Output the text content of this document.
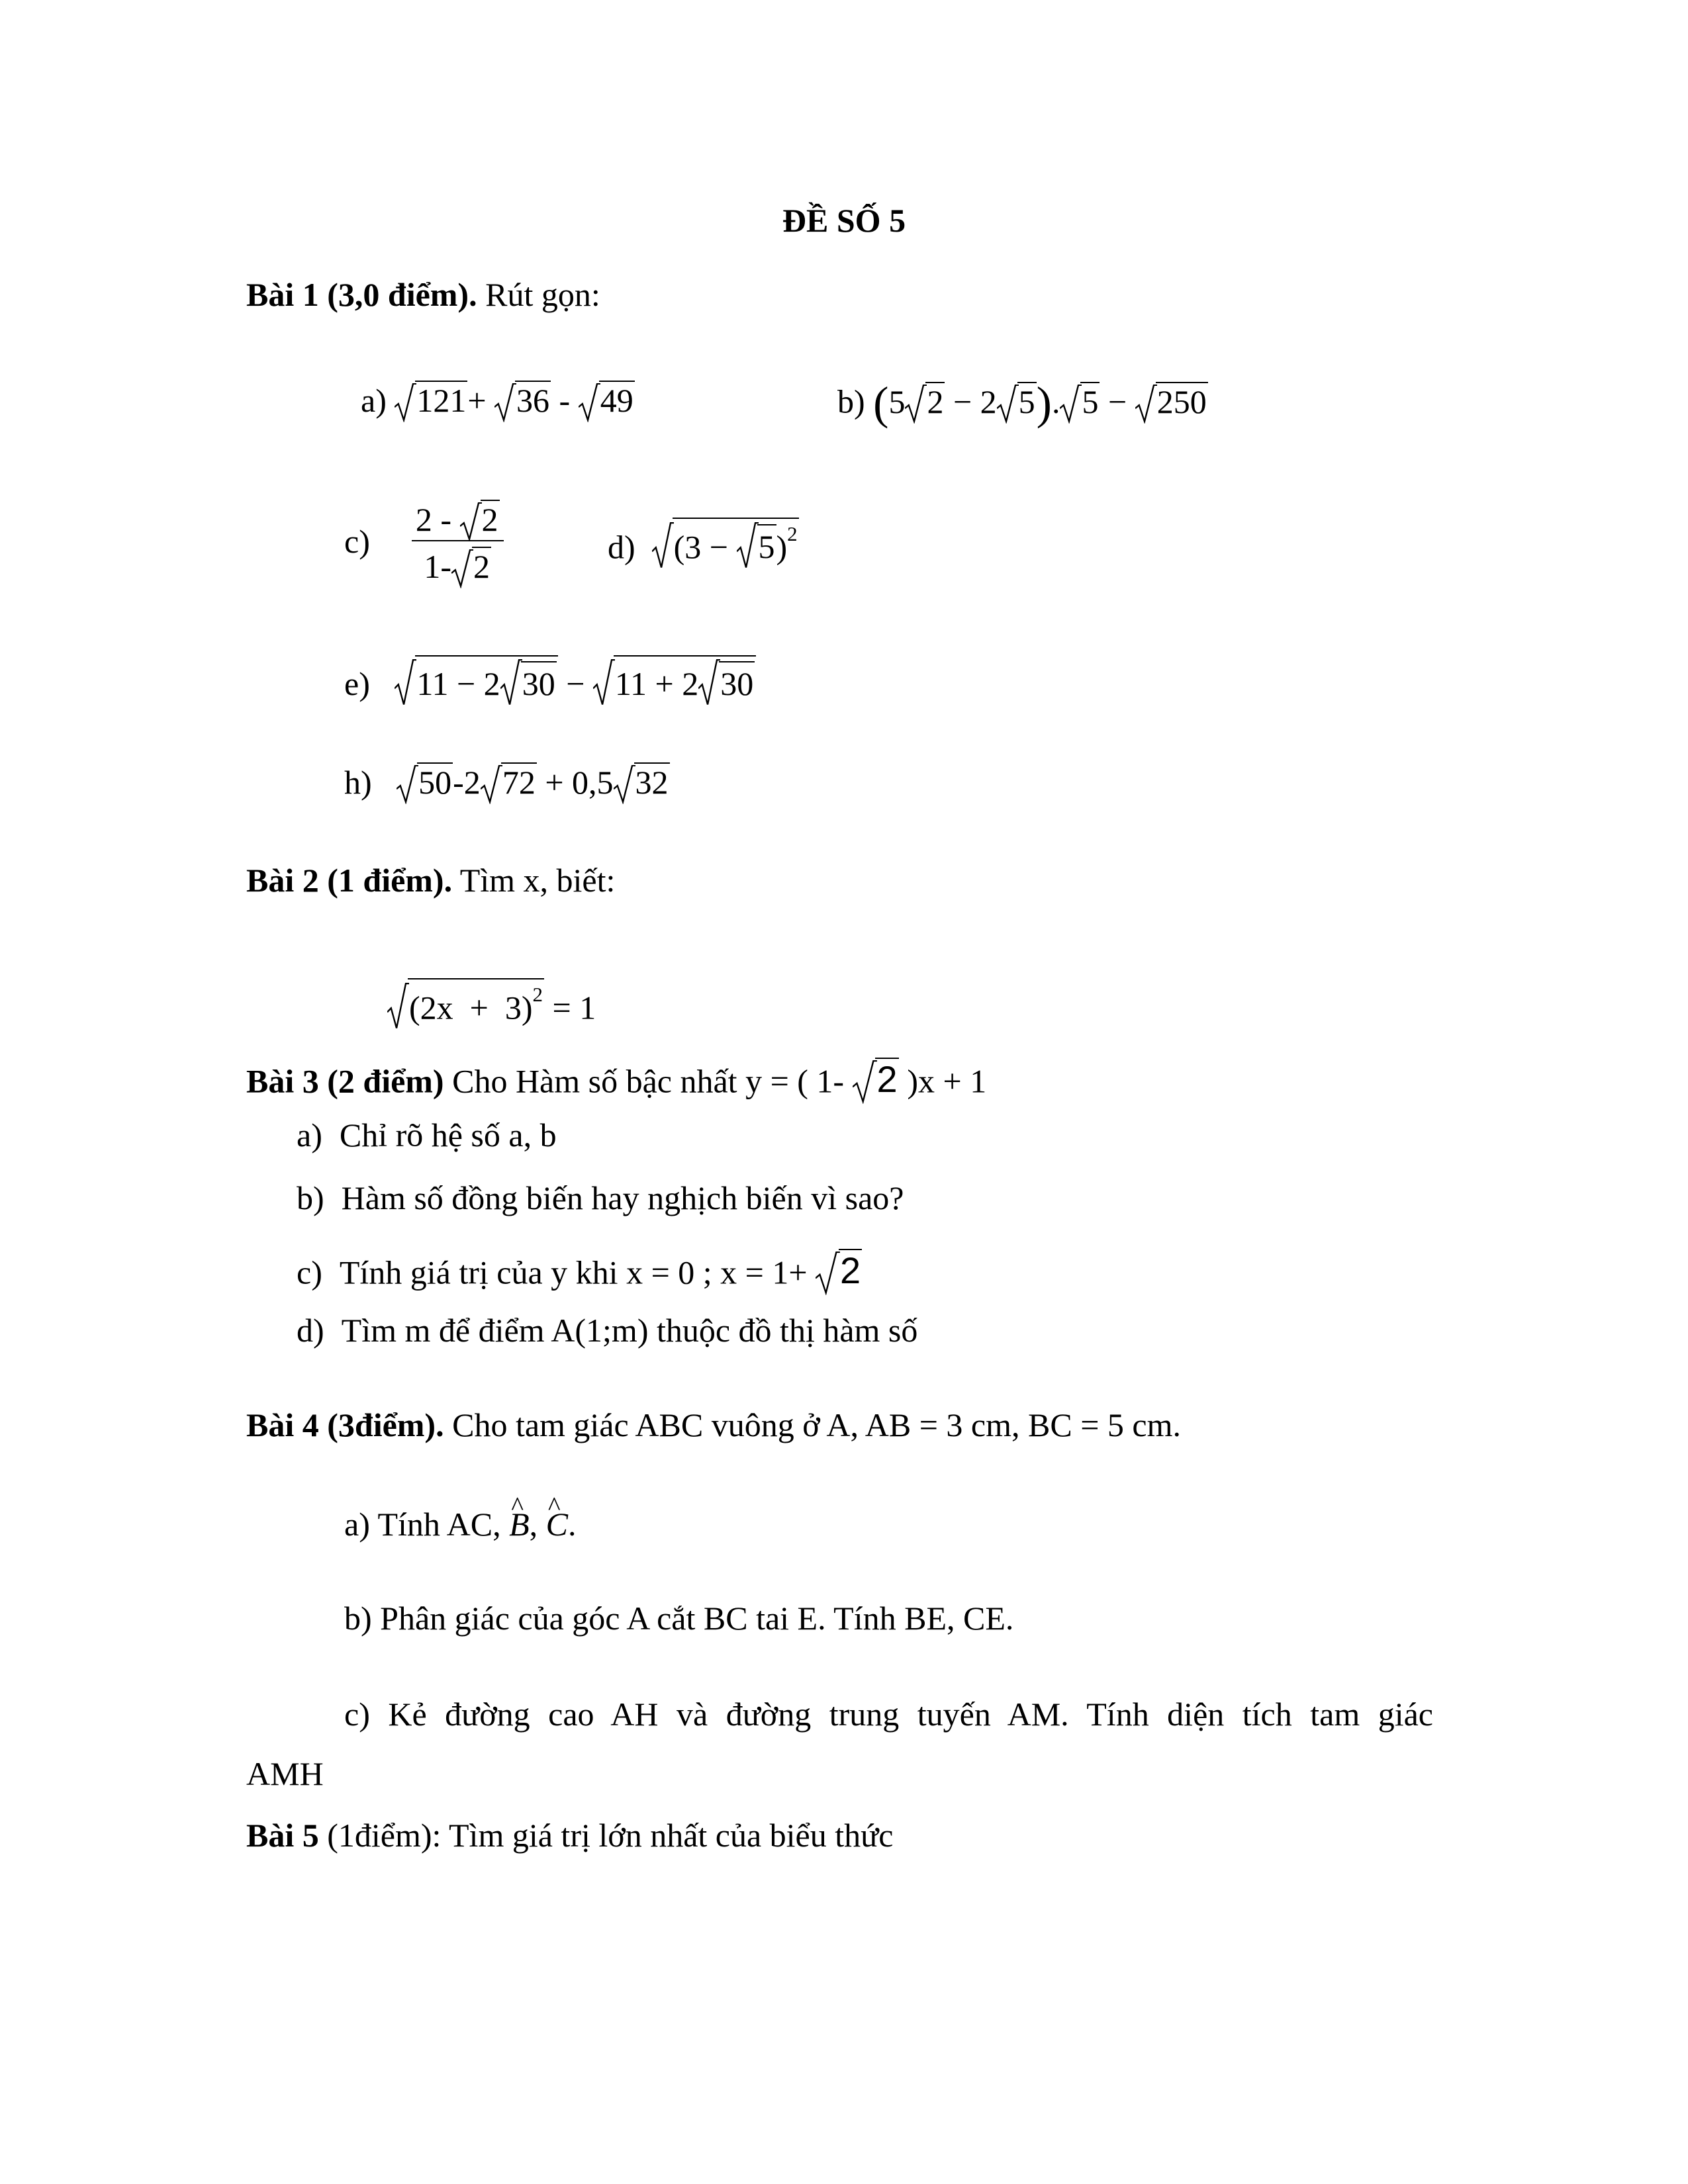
ĐỀ SỐ 5
Bài 1 (3,0 điểm). Rút gọn:
a) 121+
36 -
49	b) (5 2 − 2 5). 5 −
250
c) 2 -
2
1- 2	d) (3 −
5)$^2$
e) 11 − 2 30 −
11 + 2 30
h) 50-2 72 + 0,5 32
Bài 2 (1 điểm). Tìm x, biết:
$(2x + 3)^2 = 1$
Bài 3 (2 điểm) Cho Hàm số bậc nhất y = ( 1-
2 )x + 1
a) Chỉ rõ hệ số a, b
b) Hàm số đồng biến hay nghịch biến vì sao?
c) Tính giá trị của y khi x = 0 ; x = 1+
2
d) Tìm m để điểm A(1;m) thuộc đồ thị hàm số
Bài 4 (3điểm). Cho tam giác ABC vuông ở A, AB = 3 cm, BC = 5 cm.
a) Tính AC, ^ B, ^ C.
b) Phân giác của góc A cắt BC tai E. Tính BE, CE.
c) Kẻ đường cao AH và đường trung tuyến AM. Tính diện tích tam giác
AMH
Bài 5 (1điểm): Tìm giá trị lớn nhất của biểu thức
